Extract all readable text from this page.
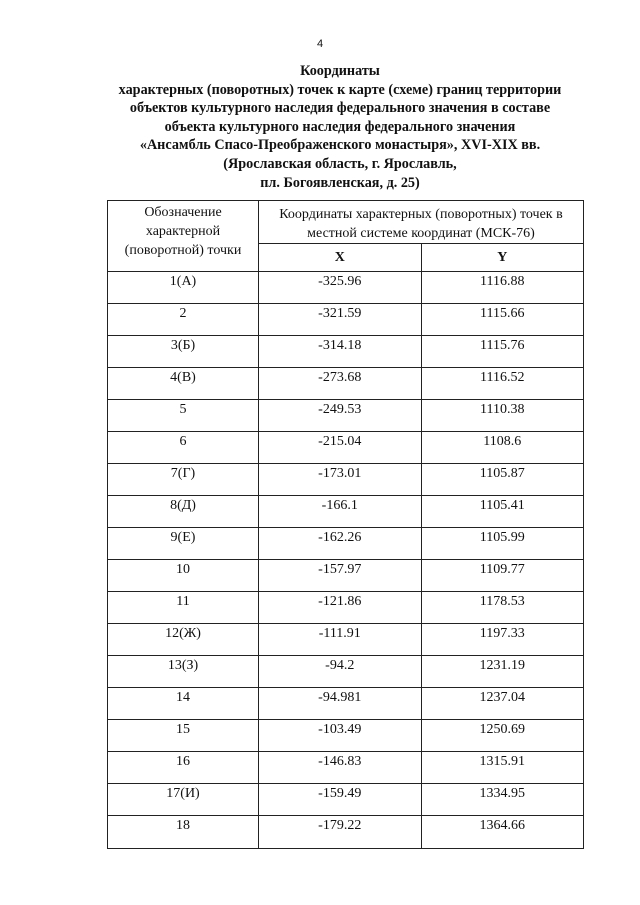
4
Координаты
характерных (поворотных) точек к карте (схеме) границ территории
объектов культурного наследия федерального значения в составе
объекта культурного наследия федерального значения
«Ансамбль Спасо-Преображенского монастыря», XVI-XIX вв.
(Ярославская область, г. Ярославль,
пл. Богоявленская, д. 25)
Обозначение характерной (поворотной) точки	Координаты характерных (поворотных) точек в местной системе координат (МСК-76)	
	X	Y
1(А)	-325.96	1116.88
2	-321.59	1115.66
3(Б)	-314.18	1115.76
4(В)	-273.68	1116.52
5	-249.53	1110.38
6	-215.04	1108.6
7(Г)	-173.01	1105.87
8(Д)	-166.1	1105.41
9(Е)	-162.26	1105.99
10	-157.97	1109.77
11	-121.86	1178.53
12(Ж)	-111.91	1197.33
13(З)	-94.2	1231.19
14	-94.981	1237.04
15	-103.49	1250.69
16	-146.83	1315.91
17(И)	-159.49	1334.95
18	-179.22	1364.66
